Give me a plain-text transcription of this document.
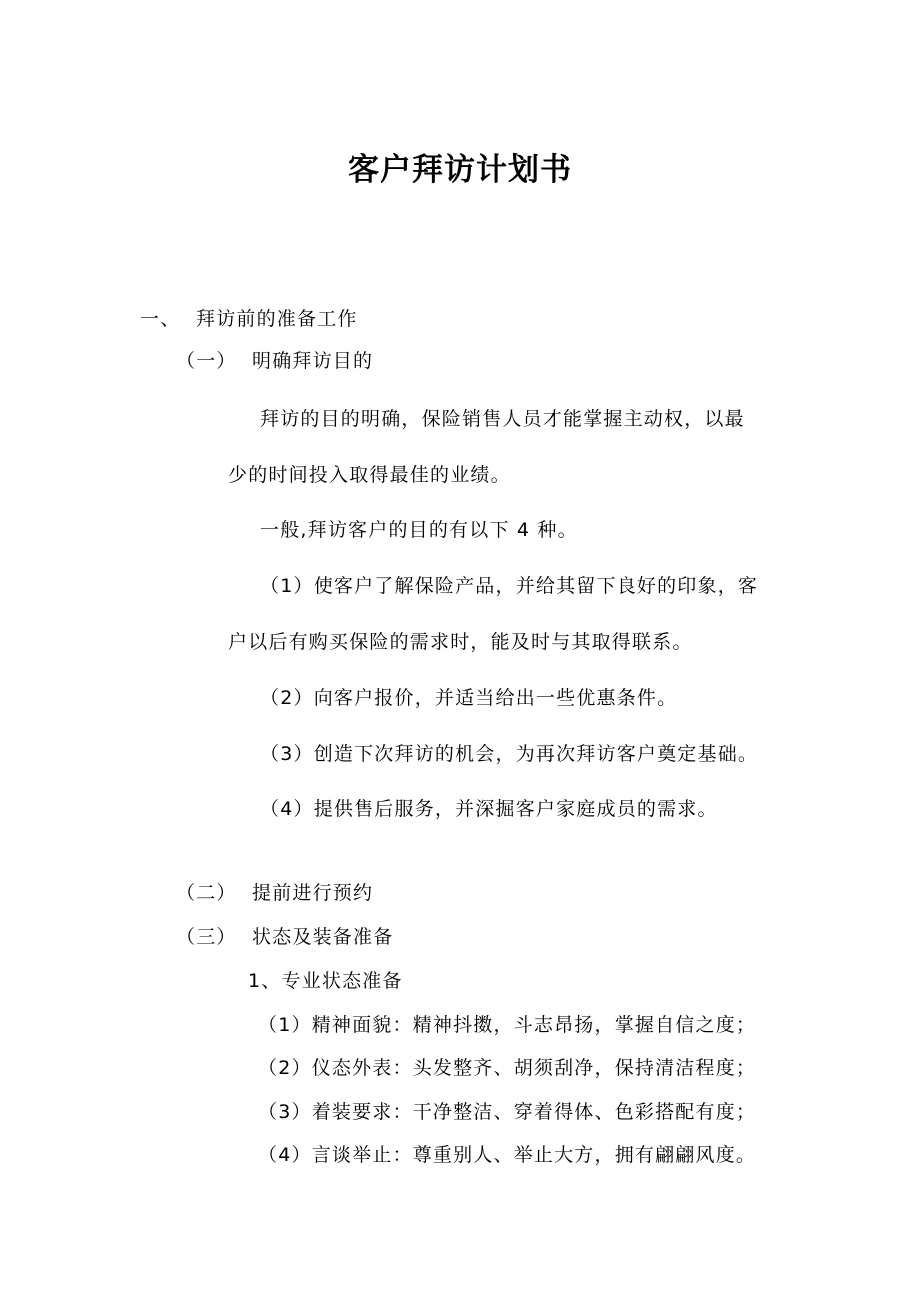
客户拜访计划书
一、 拜访前的准备工作
（一） 明确拜访目的
拜访的目的明确，保险销售人员才能掌握主动权，以最
少的时间投入取得最佳的业绩。
一般,拜访客户的目的有以下 4 种。
（1）使客户了解保险产品，并给其留下良好的印象，客
户以后有购买保险的需求时，能及时与其取得联系。
（2）向客户报价，并适当给出一些优惠条件。
（3）创造下次拜访的机会，为再次拜访客户奠定基础。
（4）提供售后服务，并深掘客户家庭成员的需求。
（二） 提前进行预约
（三） 状态及装备准备
1、专业状态准备
（1）精神面貌：精神抖擞，斗志昂扬，掌握自信之度；
（2）仪态外表：头发整齐、胡须刮净，保持清洁程度；
（3）着装要求：干净整洁、穿着得体、色彩搭配有度；
（4）言谈举止：尊重别人、举止大方，拥有翩翩风度。
